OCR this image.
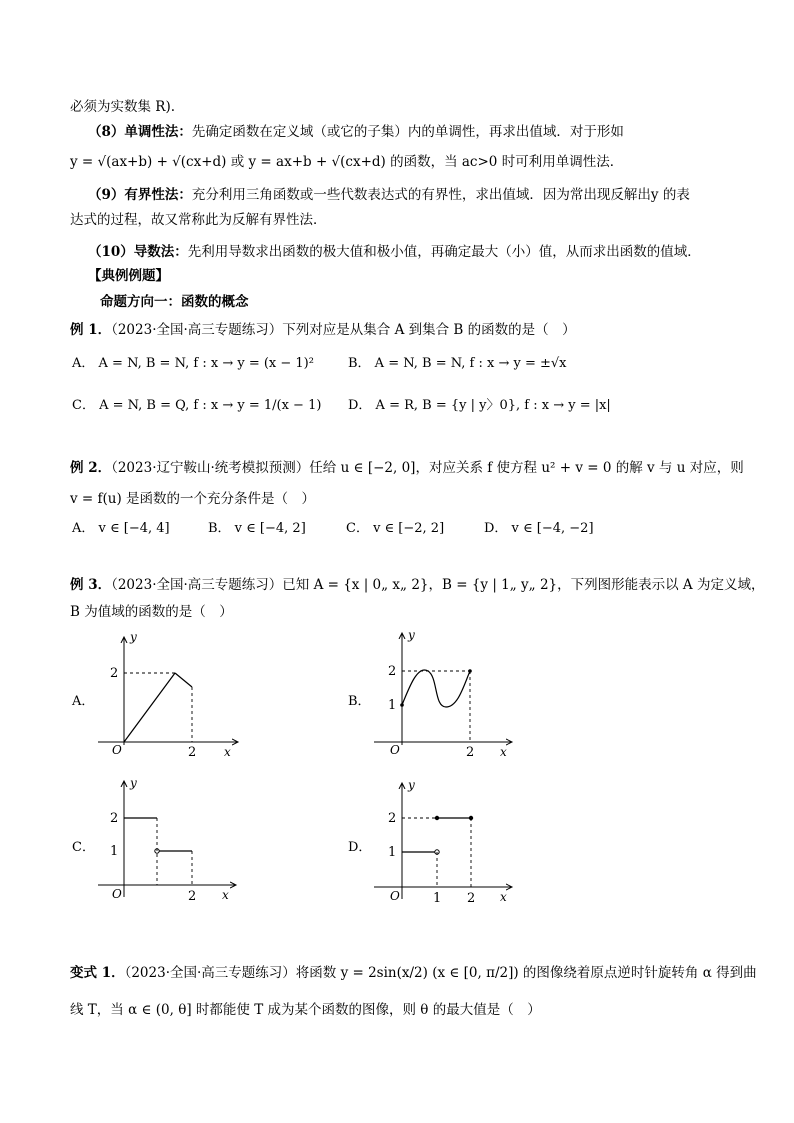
必须为实数集 R).
（8）单调性法：先确定函数在定义域（或它的子集）内的单调性，再求出值域．对于形如
y = √(ax+b) + √(cx+d) 或 y = ax+b + √(cx+d) 的函数，当 ac>0 时可利用单调性法．
（9）有界性法：充分利用三角函数或一些代数表达式的有界性，求出值域．因为常出现反解出y 的表
达式的过程，故又常称此为反解有界性法．
（10）导数法：先利用导数求出函数的极大值和极小值，再确定最大（小）值，从而求出函数的值域．
【典例例题】
命题方向一：函数的概念
例 1．（2023·全国·高三专题练习）下列对应是从集合 A 到集合 B 的函数的是（　）
A． A = N, B = N, f : x → y = (x − 1)²	B． A = N, B = N, f : x → y = ±√x
C． A = N, B = Q, f : x → y = 1/(x − 1) D． A = R, B = {y | y〉0}, f : x → y = |x|
例 2．（2023·辽宁鞍山·统考模拟预测）任给 u ∈ [−2, 0]，对应关系 f 使方程 u² + v = 0 的解 v 与 u 对应，则
v = f(u) 是函数的一个充分条件是（　）
A． v ∈ [−4, 4]	B． v ∈ [−4, 2]	C． v ∈ [−2, 2]	D． v ∈ [−4, −2]
例 3．（2023·全国·高三专题练习）已知 A = {x | 0„ x„ 2}，B = {y | 1„ y„ 2}，下列图形能表示以 A 为定义域，
B 为值域的函数的是（　）
A．	B．
C．	D．
2
2
O	x
y
2
1
2
O	x
y
2
1
2
O	x
y
2
1
1 2
O	x
y
变式 1．（2023·全国·高三专题练习）将函数 y = 2sin(x/2) (x ∈ [0, π/2]) 的图像绕着原点逆时针旋转角 α 得到曲
线 T，当 α ∈ (0, θ] 时都能使 T 成为某个函数的图像，则 θ 的最大值是（　）
